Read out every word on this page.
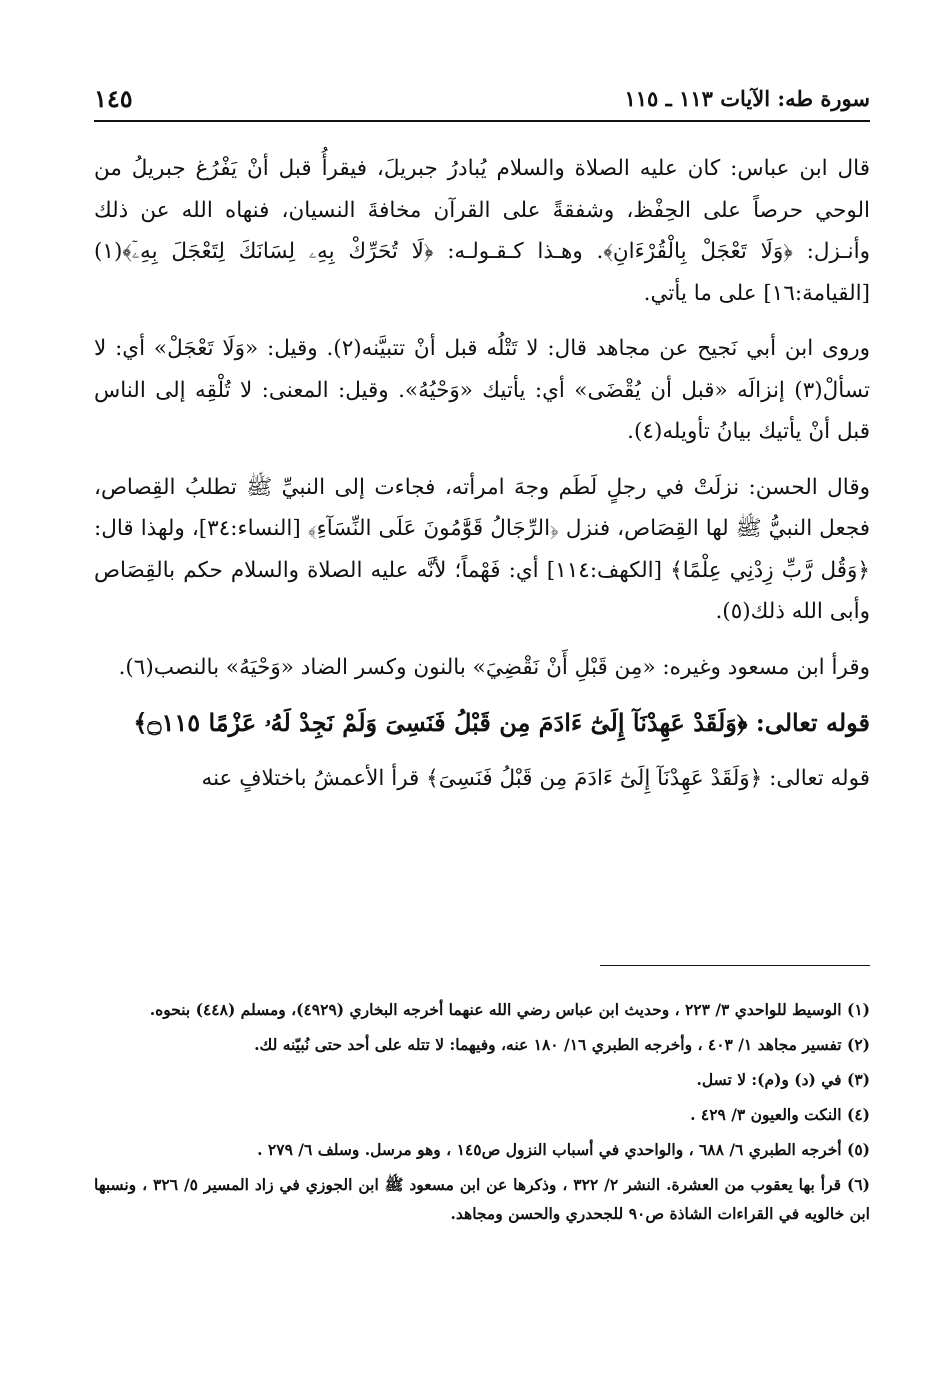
سورة طه: الآيات ١١٣ ـ ١١٥
١٤٥

قال ابن عباس: كان عليه الصلاة والسلام يُبادرُ جبريلَ، فيقرأُ قبل أنْ يَفْرُغ جبريلُ من الوحي حرصاً على الحِفْظ، وشفقةً على القرآن مخافةَ النسيان، فنهاه الله عن ذلك وأنـزل: ﴿وَلَا تَعْجَلْ بِالْقُرْءَانِ﴾. وهـذا كـقـولـه: ﴿لَا تُحَرِّكْ بِهِۦ لِسَانَكَ لِتَعْجَلَ بِهِۦٓ﴾(١) [القيامة:١٦] على ما يأتي.

وروى ابن أبي نَجيح عن مجاهد قال: لا تَتْلُه قبل أنْ تتبيَّنه(٢). وقيل: «وَلَا تَعْجَلْ» أي: لا تسألْ(٣) إنزالَه «قبل أن يُقْضَى» أي: يأتيك «وَحْيُهُ». وقيل: المعنى: لا تُلْقِه إلى الناس قبل أنْ يأتيك بيانُ تأويله(٤).

وقال الحسن: نزلَتْ في رجلٍ لَطَم وجهَ امرأته، فجاءت إلى النبيِّ ﷺ تطلبُ القِصاص، فجعل النبيُّ ﷺ لها القِصَاص، فنزل ﴿الرِّجَالُ قَوَّٰمُونَ عَلَى النِّسَآءِ﴾ [النساء:٣٤]، ولهذا قال: ﴿وَقُل رَّبِّ زِدْنِي عِلْمًا﴾ [الكهف:١١٤] أي: فَهْماً؛ لأنَّه عليه الصلاة والسلام حكم بالقِصَاص وأبى الله ذلك(٥).

وقرأ ابن مسعود وغيره: «مِن قَبْلِ أَنْ نَقْضِيَ» بالنون وكسر الضاد «وَحْيَهُ» بالنصب(٦).

قوله تعالى: ﴿وَلَقَدْ عَهِدْنَآ إِلَىٰٓ ءَادَمَ مِن قَبْلُ فَنَسِىَ وَلَمْ نَجِدْ لَهُۥ عَزْمًا ۝١١٥﴾

قوله تعالى: ﴿وَلَقَدْ عَهِدْنَآ إِلَىٰٓ ءَادَمَ مِن قَبْلُ فَنَسِىَ﴾ قرأ الأعمشُ باختلافٍ عنه

(١) الوسيط للواحدي ٣/ ٢٢٣ ، وحديث ابن عباس رضي الله عنهما أخرجه البخاري (٤٩٢٩)، ومسلم (٤٤٨) بنحوه.
(٢) تفسير مجاهد ١/ ٤٠٣ ، وأخرجه الطبري ١٦/ ١٨٠ عنه، وفيهما: لا تتله على أحد حتى نُبيّنه لك.
(٣) في (د) و(م): لا تسل.
(٤) النكت والعيون ٣/ ٤٢٩ .
(٥) أخرجه الطبري ٦/ ٦٨٨ ، والواحدي في أسباب النزول ص١٤٥ ، وهو مرسل. وسلف ٦/ ٢٧٩ .
(٦) قرأ بها يعقوب من العشرة. النشر ٢/ ٣٢٢ ، وذكرها عن ابن مسعود ﷺ ابن الجوزي في زاد المسير ٥/ ٣٢٦ ، ونسبها ابن خالويه في القراءات الشاذة ص٩٠ للجحدري والحسن ومجاهد.
